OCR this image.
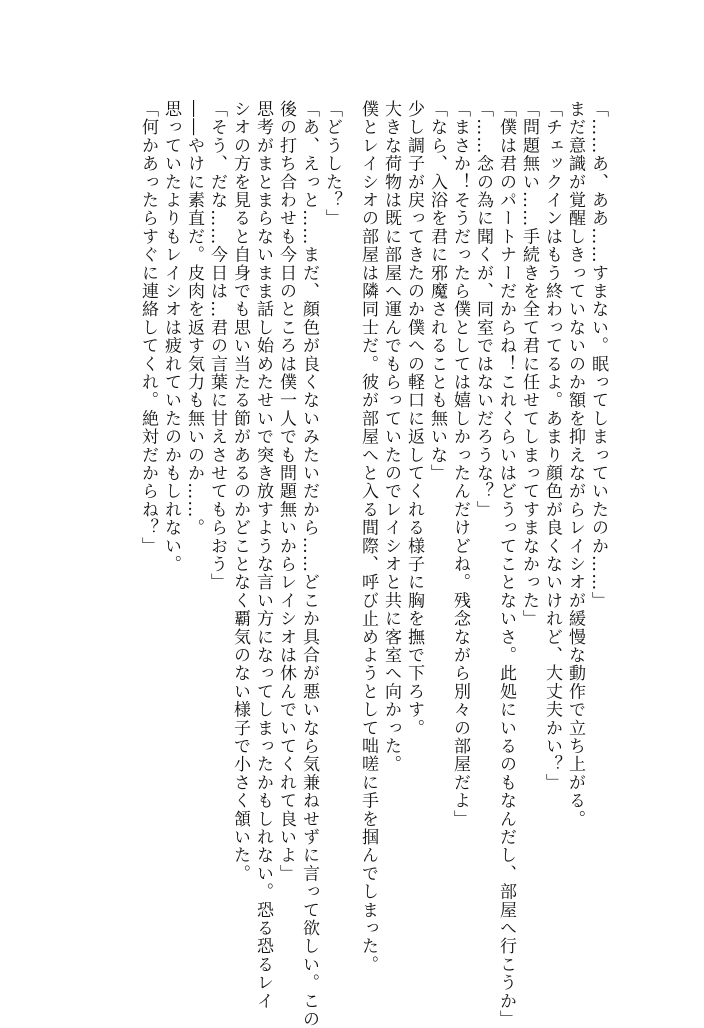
「……あ、ああ……すまない。眠ってしまっていたのか……」
まだ意識が覚醒しきっていないのか額を抑えながらレイシオが緩慢な動作で立ち上がる。
「チェックインはもう終わってるよ。あまり顔色が良くないけれど、大丈夫かい？」
「問題無い……手続きを全て君に任せてしまってすまなかった」
「僕は君のパートナーだからね！これくらいはどうってことないさ。此処にいるのもなんだし、部屋へ行こうか」
「……念の為に聞くが、同室ではないだろうな？」
「まさか！そうだったら僕としては嬉しかったんだけどね。残念ながら別々の部屋だよ」
「なら、入浴を君に邪魔されることも無いな」
少し調子が戻ってきたのか僕への軽口に返してくれる様子に胸を撫で下ろす。
大きな荷物は既に部屋へ運んでもらっていたのでレイシオと共に客室へ向かった。
僕とレイシオの部屋は隣同士だ。彼が部屋へと入る間際、呼び止めようとして咄嗟に手を掴んでしまった。
「どうした？」
「あ、えっと……まだ、顔色が良くないみたいだから……どこか具合が悪いなら気兼ねせずに言って欲しい。この
後の打ち合わせも今日のところは僕一人でも問題無いからレイシオは休んでいてくれて良いよ」
思考がまとまらないまま話し始めたせいで突き放すような言い方になってしまったかもしれない。恐る恐るレイ
シオの方を見ると自身でも思い当たる節があるのかどことなく覇気のない様子で小さく頷いた。
「そう、だな……今日は…君の言葉に甘えさせてもらおう」
――やけに素直だ。皮肉を返す気力も無いのか……。
思っていたよりもレイシオは疲れていたのかもしれない。
「何かあったらすぐに連絡してくれ。絶対だからね？」
